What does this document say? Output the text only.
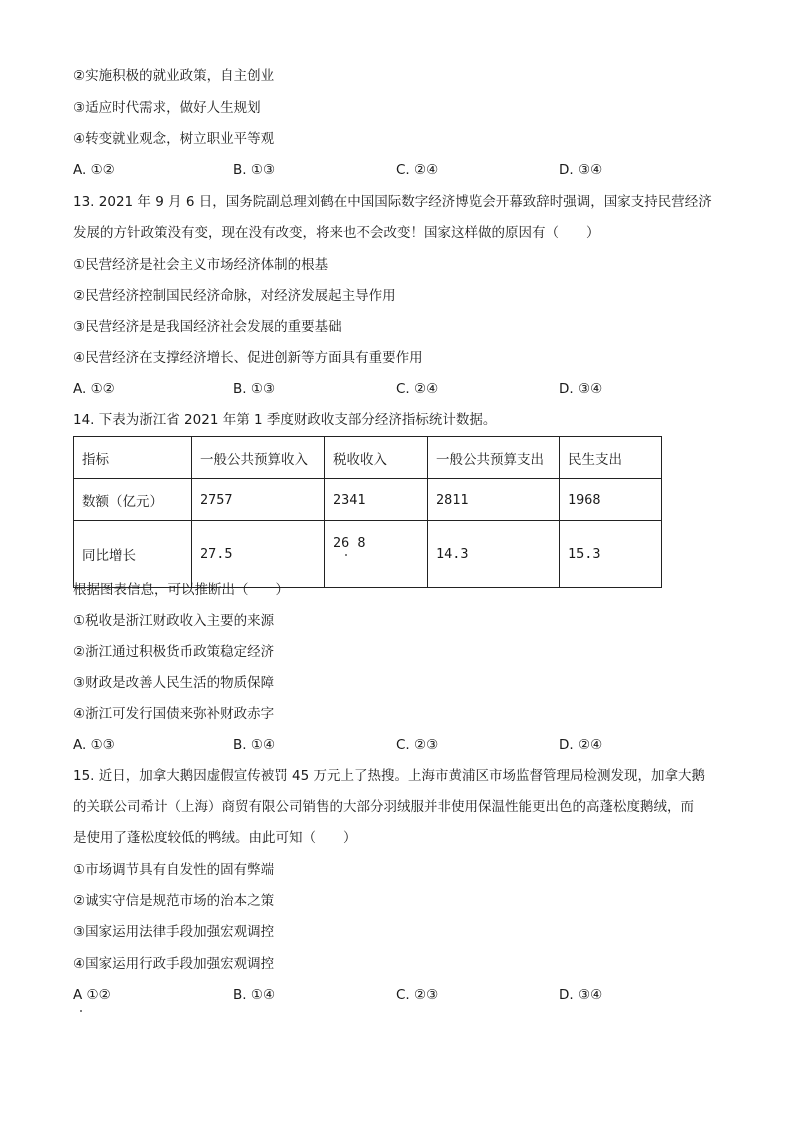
②实施积极的就业政策，自主创业
③适应时代需求，做好人生规划
④转变就业观念，树立职业平等观
A. ①②	B. ①③	C. ②④	D. ③④
13. 2021 年 9 月 6 日，国务院副总理刘鹤在中国国际数字经济博览会开幕致辞时强调，国家支持民营经济
发展的方针政策没有变，现在没有改变，将来也不会改变！国家这样做的原因有（　　）
①民营经济是社会主义市场经济体制的根基
②民营经济控制国民经济命脉，对经济发展起主导作用
③民营经济是是我国经济社会发展的重要基础
④民营经济在支撑经济增长、促进创新等方面具有重要作用
A. ①②	B. ①③	C. ②④	D. ③④
14. 下表为浙江省 2021 年第 1 季度财政收支部分经济指标统计数据。
指标	一般公共预算收入	税收收入	一般公共预算支出	民生支出
数额（亿元）	2757	2341	2811	1968
同比增长	27.5	26 8	14.3	15.3
根据图表信息，可以推断出（　　）
①税收是浙江财政收入主要的来源
②浙江通过积极货币政策稳定经济
③财政是改善人民生活的物质保障
④浙江可发行国债来弥补财政赤字
A. ①③	B. ①④	C. ②③	D. ②④
15. 近日，加拿大鹅因虚假宣传被罚 45 万元上了热搜。上海市黄浦区市场监督管理局检测发现，加拿大鹅
的关联公司希计（上海）商贸有限公司销售的大部分羽绒服并非使用保温性能更出色的高蓬松度鹅绒，而
是使用了蓬松度较低的鸭绒。由此可知（　　）
①市场调节具有自发性的固有弊端
②诚实守信是规范市场的治本之策
③国家运用法律手段加强宏观调控
④国家运用行政手段加强宏观调控
A ①②	B. ①④	C. ②③	D. ③④
